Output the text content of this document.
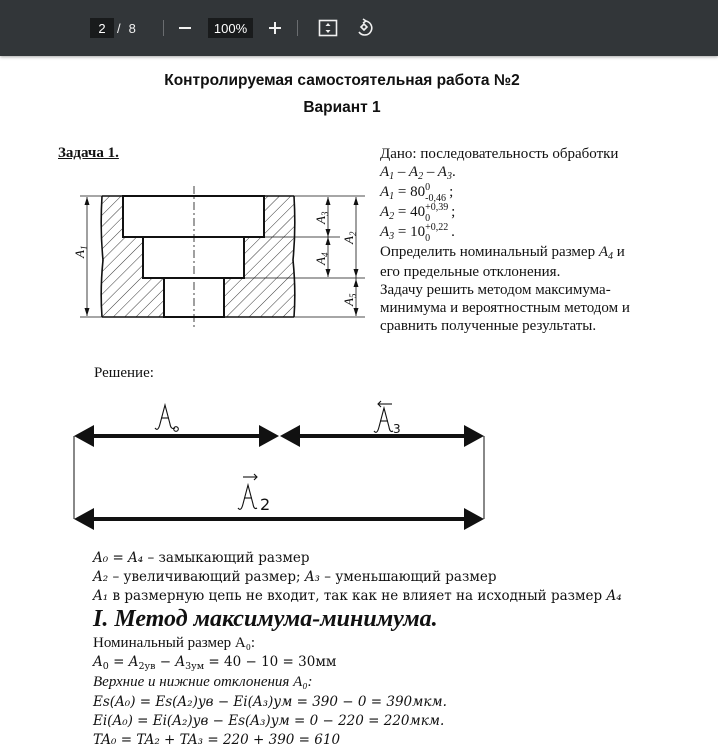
2 / 8	100%
Контролируемая самостоятельная работа №2
Вариант 1
Задача 1.	Дано: последовательность обработки
$A_1 - A_2 - A_3$.
$A_1 = 80$ 0
-0,46 ;
$A_2 = 40 +0,39$
0 ;
$A_3 = 10 +0,22$
0 .
Определить номинальный размер $A_4$ и
его предельные отклонения.
Задачу решить методом максимума-
минимума и вероятностным методом и
сравнить полученные результаты.
$A_1$
$A_3$
$A_4$
$A_2$
$A_5$
Решение:
3
2
A₀ = A₄ – замыкающий размер
A₂ – увеличивающий размер; A₃ – уменьшающий размер
A₁ в размерную цепь не входит, так как не влияет на исходный размер A₄
I. Метод максимума-минимума.
Номинальный размер A₀:
$A_0 = A_{2ув} - A_{3ум} = 40 - 10 = 30мм$
Верхние и нижние отклонения A₀:
Es(A₀) = Es(A₂)ув − Ei(A₃)ум = 390 − 0 = 390мкм.
Ei(A₀) = Ei(A₂)ув − Es(A₃)ум = 0 − 220 = 220мкм.
TA₀ = TA₂ + TA₃ = 220 + 390 = 610
